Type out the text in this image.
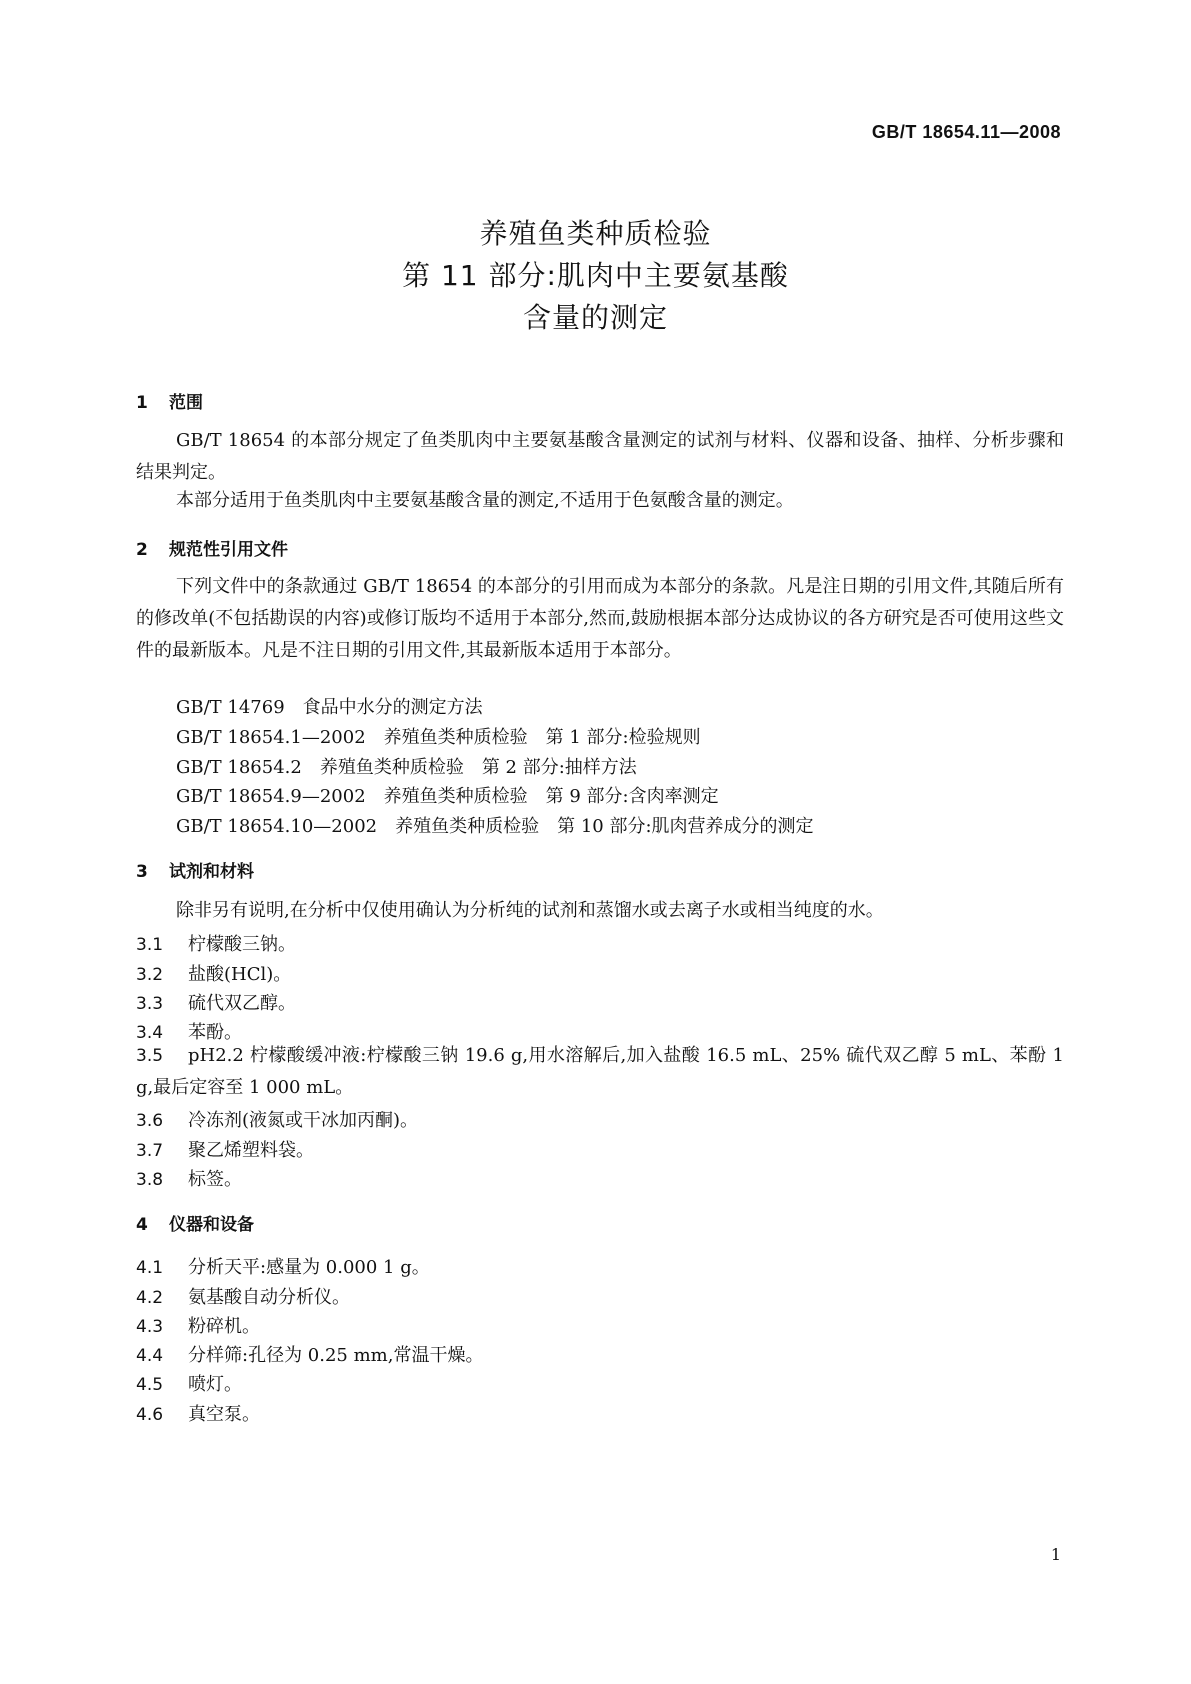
GB/T 18654.11—2008
养殖鱼类种质检验
第 11 部分:肌肉中主要氨基酸
含量的测定
1 范围
GB/T 18654 的本部分规定了鱼类肌肉中主要氨基酸含量测定的试剂与材料、仪器和设备、抽样、分析步骤和结果判定。
本部分适用于鱼类肌肉中主要氨基酸含量的测定,不适用于色氨酸含量的测定。
2 规范性引用文件
下列文件中的条款通过 GB/T 18654 的本部分的引用而成为本部分的条款。凡是注日期的引用文件,其随后所有的修改单(不包括勘误的内容)或修订版均不适用于本部分,然而,鼓励根据本部分达成协议的各方研究是否可使用这些文件的最新版本。凡是不注日期的引用文件,其最新版本适用于本部分。
GB/T 14769　食品中水分的测定方法
GB/T 18654.1—2002　养殖鱼类种质检验　第 1 部分:检验规则
GB/T 18654.2　养殖鱼类种质检验　第 2 部分:抽样方法
GB/T 18654.9—2002　养殖鱼类种质检验　第 9 部分:含肉率测定
GB/T 18654.10—2002　养殖鱼类种质检验　第 10 部分:肌肉营养成分的测定
3 试剂和材料
除非另有说明,在分析中仅使用确认为分析纯的试剂和蒸馏水或去离子水或相当纯度的水。
3.1 柠檬酸三钠。
3.2 盐酸(HCl)。
3.3 硫代双乙醇。
3.4 苯酚。
3.5 pH2.2 柠檬酸缓冲液:柠檬酸三钠 19.6 g,用水溶解后,加入盐酸 16.5 mL、25% 硫代双乙醇 5 mL、苯酚 1 g,最后定容至 1 000 mL。
3.6 冷冻剂(液氮或干冰加丙酮)。
3.7 聚乙烯塑料袋。
3.8 标签。
4 仪器和设备
4.1 分析天平:感量为 0.000 1 g。
4.2 氨基酸自动分析仪。
4.3 粉碎机。
4.4 分样筛:孔径为 0.25 mm,常温干燥。
4.5 喷灯。
4.6 真空泵。
1
